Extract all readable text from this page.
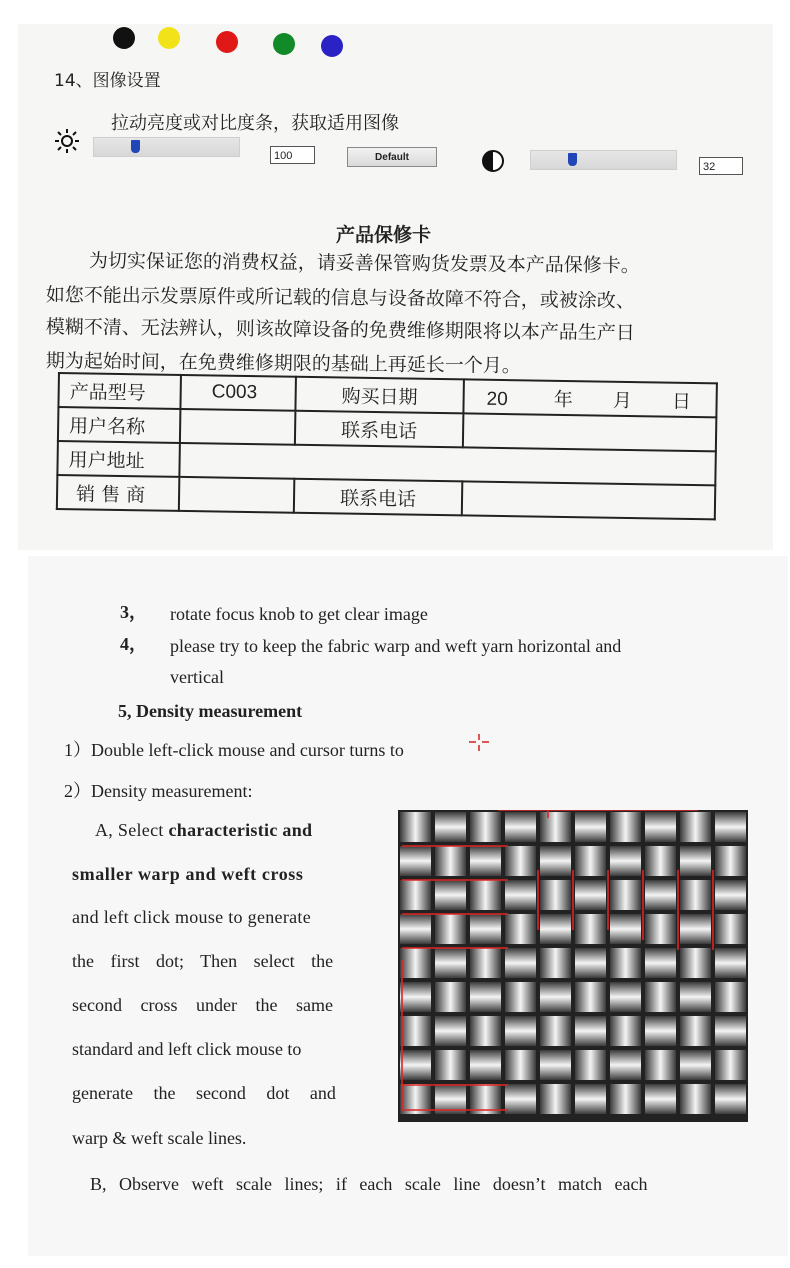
14、图像设置
拉动亮度或对比度条，获取适用图像
100	Default
32
产品保修卡
为切实保证您的消费权益，请妥善保管购货发票及本产品保修卡。
如您不能出示发票原件或所记载的信息与设备故障不符合，或被涂改、
模糊不清、无法辨认，则该故障设备的免费维修期限将以本产品生产日
期为起始时间，在免费维修期限的基础上再延长一个月。
产品型号	C003	购买日期	20 年 月 日
用户名称		联系电话	
用户地址			
销 售 商		联系电话	
3， rotate focus knob to get clear image
4， please try to keep the fabric warp and weft yarn horizontal and
vertical
5, Density measurement
1）Double left-click mouse and cursor turns to
2）Density measurement:
A, Select characteristic and
smaller warp and weft cross
and left click mouse to generate
the first dot; Then select the
second cross under the same
standard and left click mouse to
generate the second dot and
warp & weft scale lines.
B, Observe weft scale lines; if each scale line doesn’t match each
